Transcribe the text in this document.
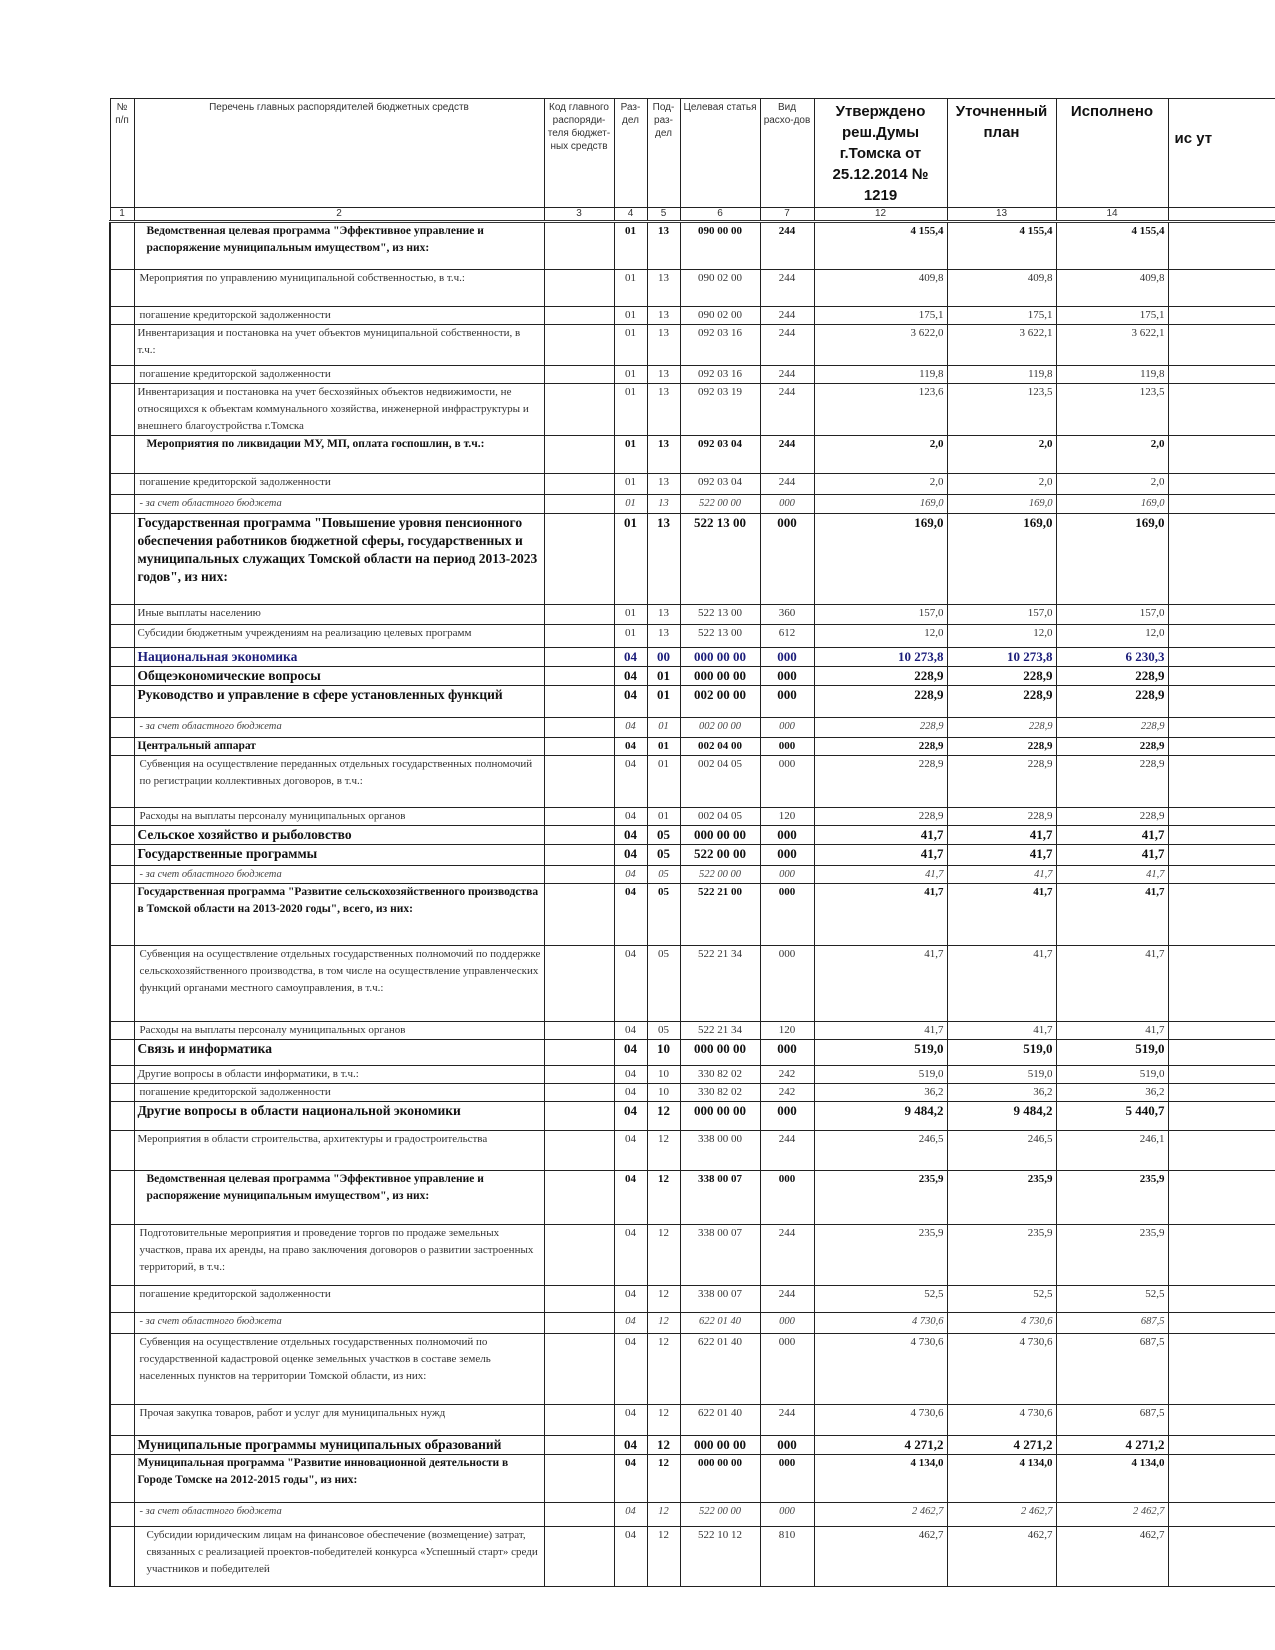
№ п/п	Перечень главных распорядителей бюджетных средств	Код главного распоряди-теля бюджет-ных средств	Раз-дел	Под-раз-дел	Целевая статья	Вид расхо-дов	Утверждено реш.Думы г.Томска от 25.12.2014 № 1219	Уточненный план	Исполнено	ис ут
1	2	3	4	5	6	7	12	13	14	
	Ведомственная целевая программа "Эффективное управление и распоряжение муниципальным имуществом", из них:		01	13	090 00 00	244	4 155,4	4 155,4	4 155,4	
	Мероприятия по управлению муниципальной собственностью, в т.ч.:		01	13	090 02 00	244	409,8	409,8	409,8	
	погашение кредиторской задолженности		01	13	090 02 00	244	175,1	175,1	175,1	
	Инвентаризация и постановка на учет объектов муниципальной собственности, в т.ч.:		01	13	092 03 16	244	3 622,0	3 622,1	3 622,1	
	погашение кредиторской задолженности		01	13	092 03 16	244	119,8	119,8	119,8	
	Инвентаризация и постановка на учет бесхозяйных объектов недвижимости, не относящихся к объектам коммунального хозяйства, инженерной инфраструктуры и внешнего благоустройства г.Томска		01	13	092 03 19	244	123,6	123,5	123,5	
	Мероприятия по ликвидации МУ, МП, оплата госпошлин, в т.ч.:		01	13	092 03 04	244	2,0	2,0	2,0	
	погашение кредиторской задолженности		01	13	092 03 04	244	2,0	2,0	2,0	
	- за счет областного бюджета		01	13	522 00 00	000	169,0	169,0	169,0	
	Государственная программа "Повышение уровня пенсионного обеспечения работников бюджетной сферы, государственных и муниципальных служащих Томской области на период 2013-2023 годов", из них:		01	13	522 13 00	000	169,0	169,0	169,0	
	Иные выплаты населению		01	13	522 13 00	360	157,0	157,0	157,0	
	Субсидии бюджетным учреждениям на реализацию целевых программ		01	13	522 13 00	612	12,0	12,0	12,0	
	Национальная экономика		04	00	000 00 00	000	10 273,8	10 273,8	6 230,3	
	Общеэкономические вопросы		04	01	000 00 00	000	228,9	228,9	228,9	
	Руководство и управление в сфере установленных функций		04	01	002 00 00	000	228,9	228,9	228,9	
	- за счет областного бюджета		04	01	002 00 00	000	228,9	228,9	228,9	
	Центральный аппарат		04	01	002 04 00	000	228,9	228,9	228,9	
	Субвенция на осуществление переданных отдельных государственных полномочий по регистрации коллективных договоров, в т.ч.:		04	01	002 04 05	000	228,9	228,9	228,9	
	Расходы на выплаты персоналу муниципальных органов		04	01	002 04 05	120	228,9	228,9	228,9	
	Сельское хозяйство и рыболовство		04	05	000 00 00	000	41,7	41,7	41,7	
	Государственные программы		04	05	522 00 00	000	41,7	41,7	41,7	
	- за счет областного бюджета		04	05	522 00 00	000	41,7	41,7	41,7	
	Государственная программа "Развитие сельскохозяйственного производства в Томской области на 2013-2020 годы", всего, из них:		04	05	522 21 00	000	41,7	41,7	41,7	
	Субвенция на осуществление отдельных государственных полномочий по поддержке сельскохозяйственного производства, в том числе на осуществление управленческих функций органами местного самоуправления, в т.ч.:		04	05	522 21 34	000	41,7	41,7	41,7	
	Расходы на выплаты персоналу муниципальных органов		04	05	522 21 34	120	41,7	41,7	41,7	
	Связь и информатика		04	10	000 00 00	000	519,0	519,0	519,0	
	Другие вопросы в области информатики, в т.ч.:		04	10	330 82 02	242	519,0	519,0	519,0	
	погашение кредиторской задолженности		04	10	330 82 02	242	36,2	36,2	36,2	
	Другие вопросы в области национальной экономики		04	12	000 00 00	000	9 484,2	9 484,2	5 440,7	
	Мероприятия в области строительства, архитектуры и градостроительства		04	12	338 00 00	244	246,5	246,5	246,1	
	Ведомственная целевая программа "Эффективное управление и распоряжение муниципальным имуществом", из них:		04	12	338 00 07	000	235,9	235,9	235,9	
	Подготовительные мероприятия и проведение торгов по продаже земельных участков, права их аренды, на право заключения договоров о развитии застроенных территорий, в т.ч.:		04	12	338 00 07	244	235,9	235,9	235,9	
	погашение кредиторской задолженности		04	12	338 00 07	244	52,5	52,5	52,5	
	- за счет областного бюджета		04	12	622 01 40	000	4 730,6	4 730,6	687,5	
	Субвенция на осуществление отдельных государственных полномочий по государственной кадастровой оценке земельных участков в составе земель населенных пунктов на территории Томской области, из них:		04	12	622 01 40	000	4 730,6	4 730,6	687,5	
	Прочая закупка товаров, работ и услуг для муниципальных нужд		04	12	622 01 40	244	4 730,6	4 730,6	687,5	
	Муниципальные программы муниципальных образований		04	12	000 00 00	000	4 271,2	4 271,2	4 271,2	
	Муниципальная программа "Развитие инновационной деятельности в Городе Томске на 2012-2015 годы", из них:		04	12	000 00 00	000	4 134,0	4 134,0	4 134,0	
	- за счет областного бюджета		04	12	522 00 00	000	2 462,7	2 462,7	2 462,7	
	Субсидии юридическим лицам на финансовое обеспечение (возмещение) затрат, связанных с реализацией проектов-победителей конкурса «Успешный старт» среди участников и победителей		04	12	522 10 12	810	462,7	462,7	462,7	
